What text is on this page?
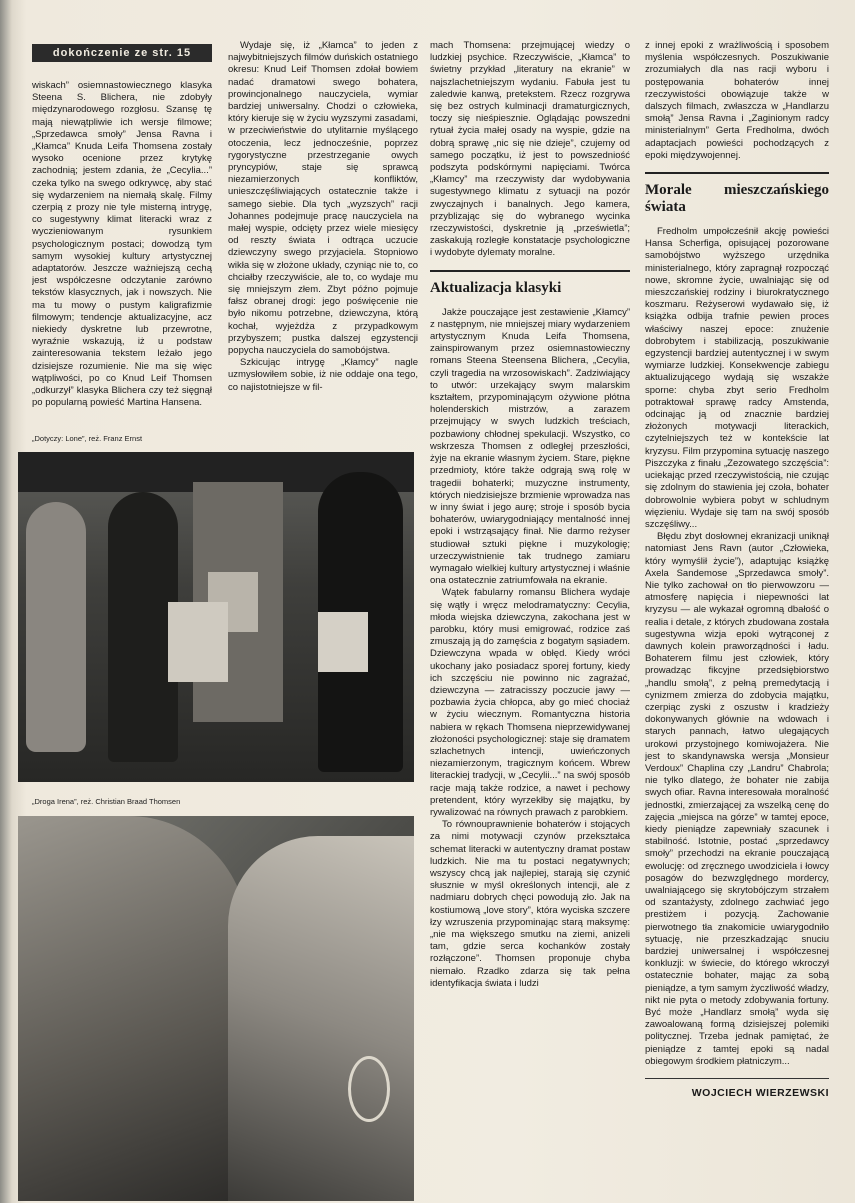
dokończenie ze str. 15

wiskach” osiemnastowiecznego klasyka Steena S. Blichera, nie zdobyły międzynarodowego rozgłosu. Szansę tę mają niewątpliwie ich wersje filmowe; „Sprzedawca smoły” Jensa Ravna i „Kłamca” Knuda Leifa Thomsena zostały wysoko ocenione przez krytykę zachodnią; jestem zdania, że „Cecylia...” czeka tylko na swego odkrywcę, aby stać się wydarzeniem na niemałą skalę. Filmy czerpią z prozy nie tyle misterną intrygę, co sugestywny klimat literacki wraz z wyczieniowanym rysunkiem psychologicznym postaci; dowodzą tym samym wysokiej kultury artystycznej adaptatorów. Jeszcze ważniejszą cechą jest współczesne odczytanie zarówno tekstów klasycznych, jak i nowszych. Nie ma tu mowy o pustym kaligrafizmie filmowym; tendencje aktualizacyjne, acz niekiedy dyskretne lub przewrotne, wyraźnie wskazują, iż u podstaw zainteresowania tekstem leżało jego dzisiejsze rozumienie. Nie ma się więc wątpliwości, po co Knud Leif Thomsen „odkurzył” klasyka Blichera czy też sięgnął po popularną powieść Martina Hansena.

„Dotyczy: Lone”, reż. Franz Ernst
„Droga Irena”, reż. Christian Braad Thomsen

Wydaje się, iż „Kłamca” to jeden z najwybitniejszych filmów duńskich ostatniego okresu: Knud Leif Thomsen zdołał bowiem nadać dramatowi swego bohatera, prowincjonalnego nauczyciela, wymiar bardziej uniwersalny. Chodzi o człowieka, który kieruje się w życiu wyzszymi zasadami, w przeciwieństwie do utylitarnie myślącego otoczenia, lecz jednocześnie, poprzez rygorystyczne przestrzeganie owych pryncypiów, staje się sprawcą niezamierzonych konfliktów, unieszczęśliwiających ostatecznie także i samego siebie. Dla tych „wyzszych” racji Johannes podejmuje pracę nauczyciela na małej wyspie, odcięty przez wiele miesięcy od reszty świata i odtrąca uczucie dziewczyny swego przyjaciela. Stopniowo wikła się w złożone układy, czyniąc nie to, co chciałby rzeczywiście, ale to, co wydaje mu się mniejszym złem. Zbyt późno pojmuje fałsz obranej drogi: jego poświęcenie nie było nikomu potrzebne, dziewczyna, którą kochał, wyjeżdża z przypadkowym przybyszem; pustka dalszej egzystencji popycha nauczyciela do samobójstwa.

Szkicując intrygę „Kłamcy” nagle uzmysłowiłem sobie, iż nie oddaje ona tego, co najistotniejsze w fil-

mach Thomsena: przejmującej wiedzy o ludzkiej psychice. Rzeczywiście, „Kłamca” to świetny przykład „literatury na ekranie” w najszlachetniejszym wydaniu. Fabuła jest tu zaledwie kanwą, pretekstem. Rzecz rozgrywa się bez ostrych kulminacji dramaturgicznych, toczy się nieśpiesznie. Oglądając powszedni rytuał życia małej osady na wyspie, gdzie na dobrą sprawę „nic się nie dzieje”, czujemy od samego początku, iż jest to powszedniość podszyta podskórnymi napięciami. Twórca „Kłamcy” ma rzeczywisty dar wydobywania sugestywnego klimatu z sytuacji na pozór zwyczajnych i banalnych. Jego kamera, przyblizając się do wybranego wycinka rzeczywistości, dyskretnie ją „prześwietla”; zaskakują rozległe konstatacje psychologiczne i wydobyte dylematy moralne.

Aktualizacja klasyki

Jakże pouczające jest zestawienie „Kłamcy” z następnym, nie mniejszej miary wydarzeniem artystycznym Knuda Leifa Thomsena, zainspirowanym przez osiemnastowieczny romans Steena Steensena Blichera, „Cecylia, czyli tragedia na wrzosowiskach”. Zadziwiający to utwór: urzekający swym malarskim kształtem, przypominającym ożywione płótna holenderskich mistrzów, a zarazem przejmujący w swych ludzkich treściach, pozbawiony chłodnej spekulacji. Wszystko, co wskrzesza Thomsen z odległej przeszłości, żyje na ekranie własnym życiem. Stare, piękne przedmioty, które także odgrają swą rolę w tragedii bohaterki; muzyczne instrumenty, których niedzisiejsze brzmienie wprowadza nas w inny świat i jego aurę; stroje i sposób bycia bohaterów, uwiarygodniający mentalność innej epoki i wstrząsający finał. Nie darmo reżyser studiował sztuki piękne i muzykologię; urzeczywistnienie tak trudnego zamiaru wymagało wielkiej kultury artystycznej i właśnie ona ostatecznie zatriumfowała na ekranie.

Wątek fabularny romansu Blichera wydaje się wątły i wręcz melodramatyczny: Cecylia, młoda wiejska dziewczyna, zakochana jest w parobku, który musi emigrować, rodzice zaś zmuszają ją do zamęścia z bogatym sąsiadem. Dziewczyna wpada w obłęd. Kiedy wróci ukochany jako posiadacz sporej fortuny, kiedy ich szczęściu nie powinno nic zagrażać, dziewczyna — zatracisszy poczucie jawy — pozbawia życia chłopca, aby go mieć chociaż w życiu wiecznym. Romantyczna historia nabiera w rękach Thomsena nieprzewidywanej złożoności psychologicznej: staje się dramatem szlachetnych intencji, uwieńczonych niezamierzonym, tragicznym końcem. Wbrew literackiej tradycji, w „Cecylii...” na swój sposób racje mają także rodzice, a nawet i pechowy pretendent, który wyrzekłby się majątku, by rywalizować na równych prawach z parobkiem.

To równouprawnienie bohaterów i stojących za nimi motywacji czynów przekształca schemat literacki w autentyczny dramat postaw ludzkich. Nie ma tu postaci negatywnych; wszyscy chcą jak najlepiej, starają się czynić słusznie w myśl określonych intencji, ale z nadmiaru dobrych chęci powodują zło. Jak na kostiumową „love story”, która wyciska szczere łzy wzruszenia przypominając starą maksymę: „nie ma większego smutku na ziemi, anizeli tam, gdzie serca kochanków zostały rozłączone”. Thomsen proponuje chyba niemało. Rzadko zdarza się tak pełna identyfikacja świata i ludzi

z innej epoki z wrażliwością i sposobem myślenia współczesnych. Poszukiwanie zrozumiałych dla nas racji wyboru i postępowania bohaterów innej rzeczywistości obowiązuje także w dalszych filmach, zwłaszcza w „Handlarzu smołą” Jensa Ravna i „Zaginionym radcy ministerialnym” Gerta Fredholma, dwóch adaptacjach powieści pochodzących z epoki międzywojennej.

Morale mieszczańskiego świata

Fredholm umpołcześnił akcję powieści Hansa Scherfiga, opisującej pozorowane samobójstwo wyższego urzędnika ministerialnego, który zapragnął rozpocząć nowe, skromne życie, uwalniając się od mieszczańskiej rodziny i biurokratycznego koszmaru. Reżyserowi wydawało się, iż książka odbija trafnie pewien proces właściwy naszej epoce: znużenie dobrobytem i stabilizacją, poszukiwanie egzystencji bardziej autentycznej i w swym wymiarze ludzkiej. Konsekwencje zabiegu aktualizującego wydają się wszakże sporne: chyba zbyt serio Fredholm potraktował sprawę radcy Amstenda, odcinając ją od znacznie bardziej złożonych motywacji literackich, czytelniejszych też w kontekście lat kryzysu. Film przypomina sytuację naszego Piszczyka z finału „Zezowatego szczęścia”: uciekając przed rzeczywistością, nie czując się zdolnym do stawienia jej czoła, bohater dobrowolnie wybiera pobyt w schludnym więzieniu. Wydaje się tam na swój sposób szczęśliwy...

Błędu zbyt dosłownej ekranizacji uniknął natomiast Jens Ravn (autor „Człowieka, który wymyślił życie”), adaptując książkę Axela Sandemose „Sprzedawca smoły”. Nie tylko zachował on tło pierwowzoru — atmosferę napięcia i niepewności lat kryzysu — ale wykazał ogromną dbałość o realia i detale, z których zbudowana została sugestywna wizja epoki wytrąconej z dawnych kolein praworządności i ładu. Bohaterem filmu jest człowiek, który prowadząc fikcyjne przedsiębiorstwo „handlu smołą”, z pełną premedytacją i cynizmem zmierza do zdobycia majątku, czerpiąc zyski z oszustw i kradzieży dokonywanych głównie na wdowach i starych pannach, łatwo ulegających urokowi przystojnego komiwojażera. Nie jest to skandynawska wersja „Monsieur Verdoux” Chaplina czy „Landru” Chabrola; nie tylko dlatego, że bohater nie zabija swych ofiar. Ravna interesowała moralność jednostki, zmierzającej za wszelką cenę do zajęcia „miejsca na górze” w tamtej epoce, kiedy pieniądze zapewniały szacunek i stabilność. Istotnie, postać „sprzedawcy smoły” przechodzi na ekranie pouczającą ewolucję: od zręcznego uwodziciela i łowcy posagów do bezwzględnego mordercy, uwalniającego się skrytobójczym strzałem od szantażysty, zdolnego zachwiać jego prestiżem i pozycją. Zachowanie pierwotnego tła znakomicie uwiarygodniło sytuację, nie przeszkadzając snuciu bardziej uniwersalnej i współczesnej konkluzji: w świecie, do którego wkroczył ostatecznie bohater, mając za sobą pieniądze, a tym samym życzliwość władzy, nikt nie pyta o metody zdobywania fortuny. Być może „Handlarz smołą” wyda się zawoalowaną formą dzisiejszej polemiki politycznej. Trzeba jednak pamiętać, że pieniądze z tamtej epoki są nadal obiegowym środkiem płatniczym...

WOJCIECH WIERZEWSKI
